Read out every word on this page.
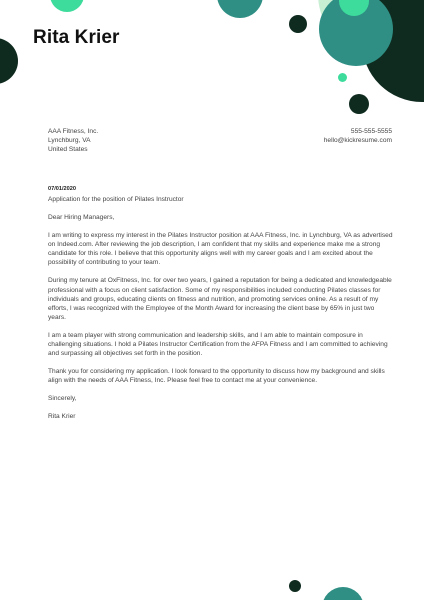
Rita Krier
AAA Fitness, Inc.
Lynchburg, VA
United States
555-555-5555
hello@kickresume.com
07/01/2020
Application for the position of Pilates Instructor

Dear Hiring Managers,

I am writing to express my interest in the Pilates Instructor position at AAA Fitness, Inc. in Lynchburg, VA as advertised on Indeed.com. After reviewing the job description, I am confident that my skills and experience make me a strong candidate for this role. I believe that this opportunity aligns well with my career goals and I am excited about the possibility of contributing to your team.

During my tenure at OxFitness, Inc. for over two years, I gained a reputation for being a dedicated and knowledgeable professional with a focus on client satisfaction. Some of my responsibilities included conducting Pilates classes for individuals and groups, educating clients on fitness and nutrition, and promoting services online. As a result of my efforts, I was recognized with the Employee of the Month Award for increasing the client base by 65% in just two years.

I am a team player with strong communication and leadership skills, and I am able to maintain composure in challenging situations. I hold a Pilates Instructor Certification from the AFPA Fitness and I am committed to achieving and surpassing all objectives set forth in the position.

Thank you for considering my application. I look forward to the opportunity to discuss how my background and skills align with the needs of AAA Fitness, Inc. Please feel free to contact me at your convenience.

Sincerely,

Rita Krier
